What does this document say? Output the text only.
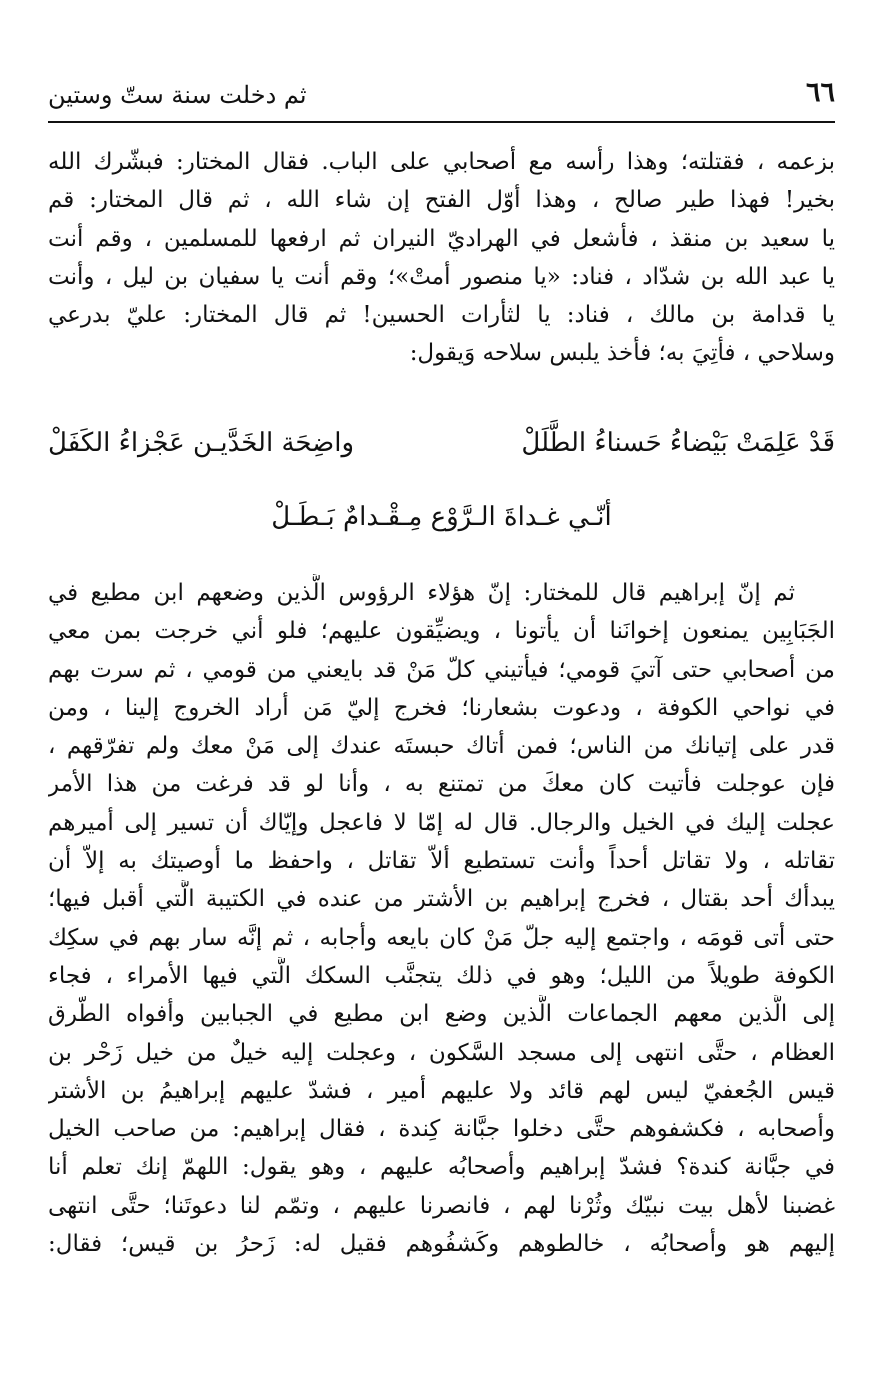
٦٦
ثم دخلت سنة ستّ وستين
بزعمه ، فقتلته؛ وهذا رأسه مع أصحابي على الباب. فقال المختار: فبشّرك الله
بخير! فهذا طير صالح ، وهذا أوّل الفتح إن شاء الله ، ثم قال المختار: قم
يا سعيد بن منقذ ، فأشعل في الهراديّ النيران ثم ارفعها للمسلمين ، وقم أنت
يا عبد الله بن شدّاد ، فناد: «يا منصور أمتْ»؛ وقم أنت يا سفيان بن ليل ، وأنت
يا قدامة بن مالك ، فناد: يا لثأرات الحسين! ثم قال المختار: عليّ بدرعي
وسلاحي ، فأتِيَ به؛ فأخذ يلبس سلاحه وَيقول:
قَدْ عَلِمَتْ بَيْضاءُ حَسناءُ الطَّلَلْ
واضِحَة الخَدَّيـن عَجْزاءُ الكَفَلْ
أنّـي غـداةَ الـرَّوْع مِـقْـدامٌ بَـطَـلْ
ثم إنّ إبراهيم قال للمختار: إنّ هؤلاء الرؤوس الَّذين وضعهم ابن مطيع في
الجَبَابِين يمنعون إخوانَنا أن يأتونا ، ويضيِّقون عليهم؛ فلو أني خرجت بمن معي
من أصحابي حتى آتيَ قومي؛ فيأتيني كلّ مَنْ قد بايعني من قومي ، ثم سرت بهم
في نواحي الكوفة ، ودعوت بشعارنا؛ فخرج إليّ مَن أراد الخروج إلينا ، ومن
قدر على إتيانك من الناس؛ فمن أتاك حبستَه عندك إلى مَنْ معك ولم تفرّقهم ،
فإن عوجلت فأتيت كان معكَ من تمتنع به ، وأنا لو قد فرغت من هذا الأمر
عجلت إليك في الخيل والرجال. قال له إمّا لا فاعجل وإيّاك أن تسير إلى أميرهم
تقاتله ، ولا تقاتل أحداً وأنت تستطيع ألاّ تقاتل ، واحفظ ما أوصيتك به إلاّ أن
يبدأك أحد بقتال ، فخرج إبراهيم بن الأشتر من عنده في الكتيبة الَّتي أقبل فيها؛
حتى أتى قومَه ، واجتمع إليه جلّ مَنْ كان بايعه وأجابه ، ثم إنَّه سار بهم في سكِك
الكوفة طويلاً من الليل؛ وهو في ذلك يتجنَّب السكك الَّتي فيها الأمراء ، فجاء
إلى الَّذين معهم الجماعات الَّذين وضع ابن مطيع في الجبابين وأفواه الطّرق
العظام ، حتَّى انتهى إلى مسجد السَّكون ، وعجلت إليه خيلٌ من خيل زَحْر بن
قيس الجُعفيّ ليس لهم قائد ولا عليهم أمير ، فشدّ عليهم إبراهيمُ بن الأشتر
وأصحابه ، فكشفوهم حتَّى دخلوا جبَّانة كِندة ، فقال إبراهيم: من صاحب الخيل
في جبَّانة كندة؟ فشدّ إبراهيم وأصحابُه عليهم ، وهو يقول: اللهمّ إنك تعلم أنا
غضبنا لأهل بيت نبيّك وثُرْنا لهم ، فانصرنا عليهم ، وتمّم لنا دعوتَنا؛ حتَّى انتهى
إليهم هو وأصحابُه ، خالطوهم وكَشفُوهم فقيل له: زَحرُ بن قيس؛ فقال:
